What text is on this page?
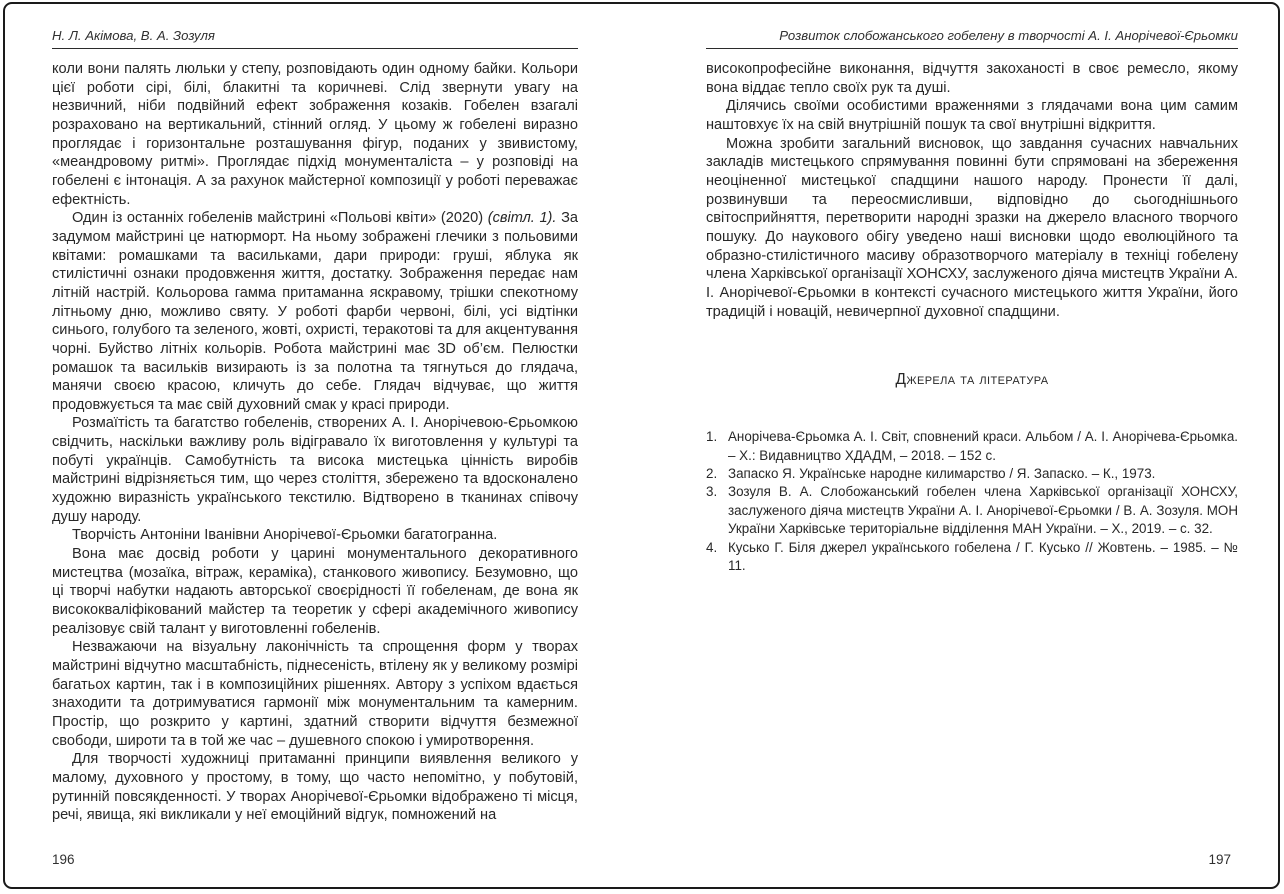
Н. Л. Акімова, В. А. Зозуля

коли вони палять люльки у степу, розповідають один одному байки. Кольори цієї роботи сірі, білі, блакитні та коричневі. Слід звернути увагу на незвичний, ніби подвійний ефект зображення козаків. Гобелен взагалі розраховано на вертикальний, стінний огляд. У цьому ж гобелені виразно проглядає і горизонтальне розташування фігур, поданих у звивистому, «меандровому ритмі». Проглядає підхід монументаліста – у розповіді на гобелені є інтонація. А за рахунок майстерної композиції у роботі переважає ефектність.

Один із останніх гобеленів майстрині «Польові квіти» (2020) (світл. 1). За задумом майстрині це натюрморт. На ньому зображені глечики з польовими квітами: ромашками та васильками, дари природи: груші, яблука як стилістичні ознаки продовження життя, достатку. Зображення передає нам літній настрій. Кольорова гамма притаманна яскравому, трішки спекотному літньому дню, можливо святу. У роботі фарби червоні, білі, усі відтінки синього, голубого та зеленого, жовті, охристі, теракотові та для акцентування чорні. Буйство літніх кольорів. Робота майстрині має 3D об’єм. Пелюстки ромашок та васильків визирають із за полотна та тягнуться до глядача, манячи своєю красою, кличуть до себе. Глядач відчуває, що життя продовжується та має свій духовний смак у красі природи.

Розмаїтість та багатство гобеленів, створених А. І. Анорічевою-Єрьомкою свідчить, наскільки важливу роль відігравало їх виготовлення у культурі та побуті українців. Самобутність та висока мистецька цінність виробів майстрині відрізняється тим, що через століття, збережено та вдосконалено художню виразність українського текстилю. Відтворено в тканинах співочу душу народу.

Творчість Антоніни Іванівни Анорічевої-Єрьомки багатогранна.

Вона має досвід роботи у царині монументального декоративного мистецтва (мозаїка, вітраж, кераміка), станкового живопису. Безумовно, що ці творчі набутки надають авторської своєрідності її гобеленам, де вона як висококваліфікований майстер та теоретик у сфері академічного живопису реалізовує свій талант у виготовленні гобеленів.

Незважаючи на візуальну лаконічність та спрощення форм у творах майстрині відчутно масштабність, піднесеність, втілену як у великому розмірі багатьох картин, так і в композиційних рішеннях. Автору з успіхом вдається знаходити та дотримуватися гармонії між монументальним та камерним. Простір, що розкрито у картині, здатний створити відчуття безмежної свободи, широти та в той же час – душевного спокою і умиротворення.

Для творчості художниці притаманні принципи виявлення великого у малому, духовного у простому, в тому, що часто непомітно, у побутовій, рутинній повсякденності. У творах Анорічевої-Єрьомки відображено ті місця, речі, явища, які викликали у неї емоційний відгук, помножений на

196
Розвиток слобожанського гобелену в творчості А. І. Анорічевої-Єрьомки

високопрофесійне виконання, відчуття закоханості в своє ремесло, якому вона віддає тепло своїх рук та душі.

Ділячись своїми особистими враженнями з глядачами вона цим самим наштовхує їх на свій внутрішній пошук та свої внутрішні відкриття.

Можна зробити загальний висновок, що завдання сучасних навчальних закладів мистецького спрямування повинні бути спрямовані на збереження неоціненної мистецької спадщини нашого народу. Пронести її далі, розвинувши та переосмисливши, відповідно до сьогоднішнього світосприйняття, перетворити народні зразки на джерело власного творчого пошуку. До наукового обігу уведено наші висновки щодо еволюційного та образно-стилістичного масиву образотворчого матеріалу в техніці гобелену члена Харківської організації ХОНСХУ, заслуженого діяча мистецтв України А. І. Анорічевої-Єрьомки в контексті сучасного мистецького життя України, його традицій і новацій, невичерпної духовної спадщини.

Джерела та література
1. Анорічева-Єрьомка А. І. Світ, сповнений краси. Альбом / А. І. Анорічева-Єрьомка. – Х.: Видавництво ХДАДМ, – 2018. – 152 с.
2. Запаско Я. Українське народне килимарство / Я. Запаско. – К., 1973.
3. Зозуля В. А. Слобожанський гобелен члена Харківської організації ХОНСХУ, заслуженого діяча мистецтв України А. І. Анорічевої-Єрьомки / В. А. Зозуля. МОН України Харківське територіальне відділення МАН України. – Х., 2019. – с. 32.
4. Кусько Г. Біля джерел українського гобелена / Г. Кусько // Жовтень. – 1985. – № 11.
197
